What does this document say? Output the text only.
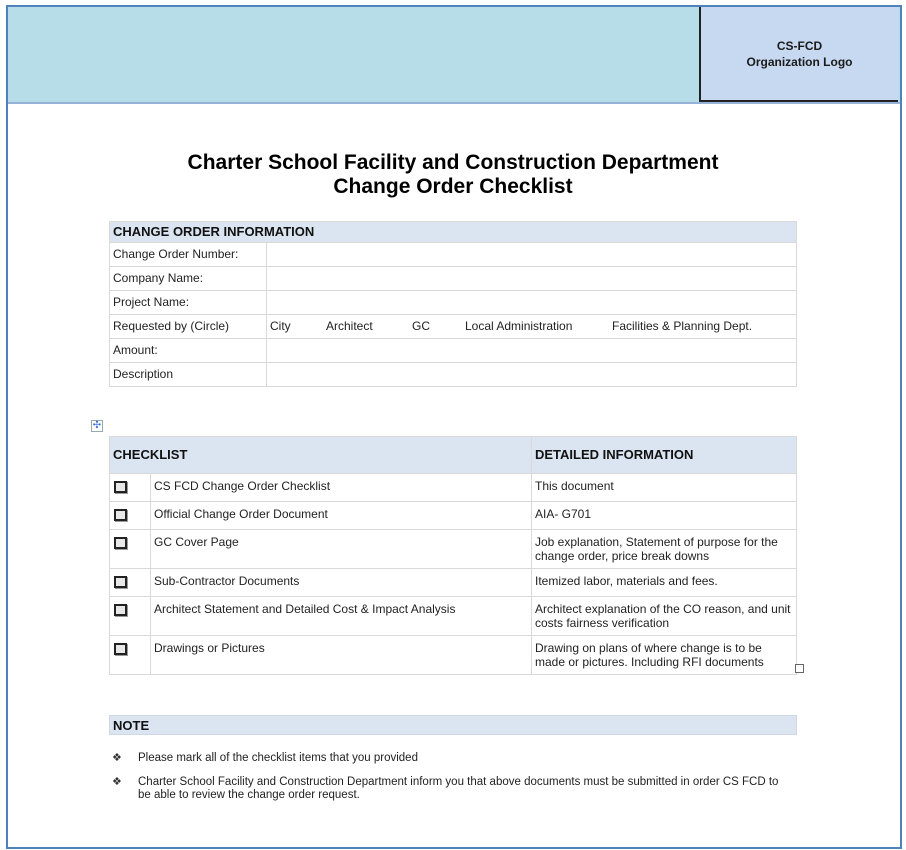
CS-FCD
Organization Logo
Charter School Facility and Construction Department
Change Order Checklist
CHANGE ORDER INFORMATION	
Change Order Number:	
Company Name:	
Project Name:	
Requested by (Circle)	City Architect GC Local Administration Facilities & Planning Dept.
Amount:	
Description	
✣
CHECKLIST		DETAILED INFORMATION
	CS FCD Change Order Checklist	This document
	Official Change Order Document	AIA- G701
	GC Cover Page	Job explanation, Statement of purpose for the change order, price break downs
	Sub-Contractor Documents	Itemized labor, materials and fees.
	Architect Statement and Detailed Cost & Impact Analysis	Architect explanation of the CO reason, and unit costs fairness verification
	Drawings or Pictures	Drawing on plans of where change is to be made or pictures. Including RFI documents
NOTE
❖	Please mark all of the checklist items that you provided
❖	Charter School Facility and Construction Department inform you that above documents must be submitted in order CS FCD to be able to review the change order request.
